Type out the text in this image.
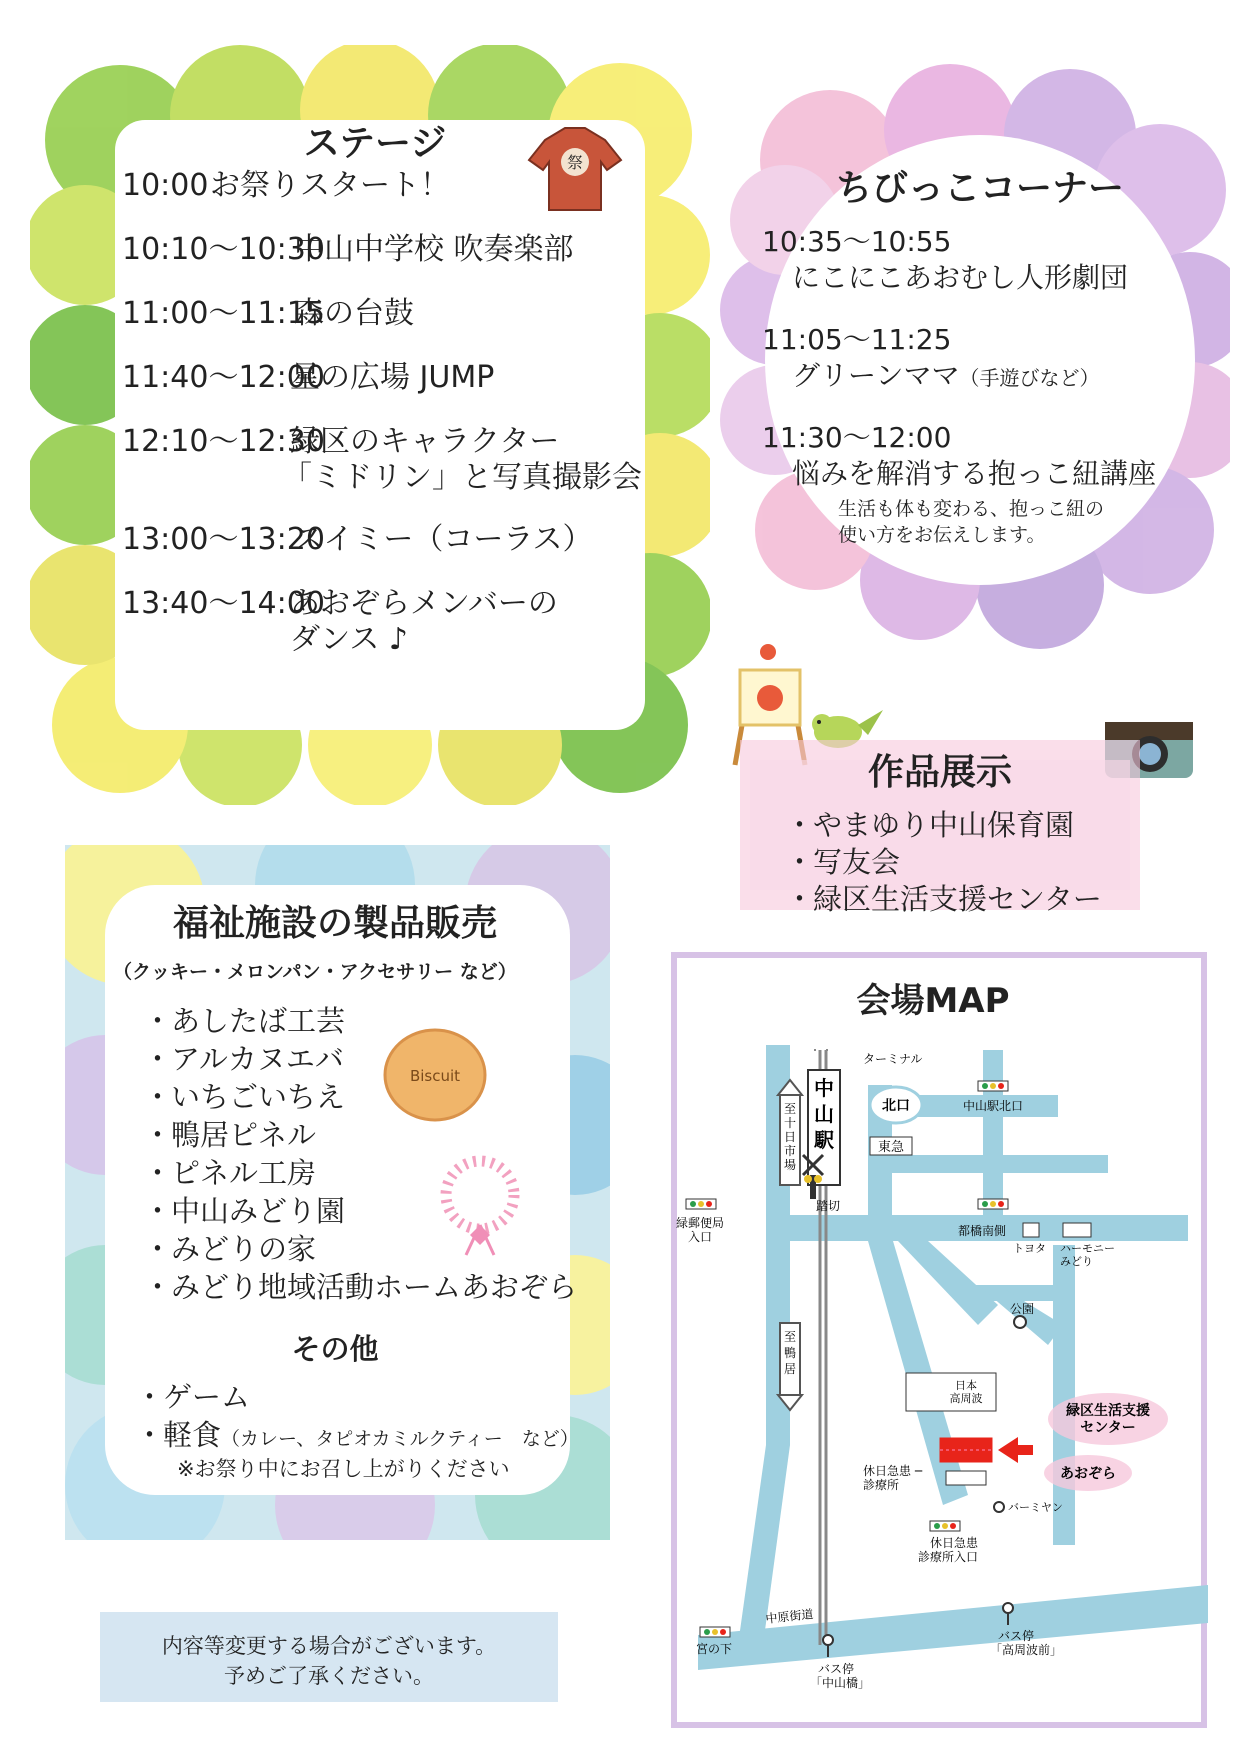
ステージ	祭
10:00 お祭りスタート！
10:10〜10:30
中山中学校 吹奏楽部
11:00〜11:15
森の台鼓
11:40〜12:00
星の広場 JUMP
12:10〜12:30
緑区のキャラクター
「ミドリン」と写真撮影会
13:00〜13:20
スイミー（コーラス）
13:40〜14:00
あおぞらメンバーの
ダンス ♪
ちびっこコーナー
10:35〜10:55
にこにこあおむし人形劇団
11:05〜11:25
グリーンママ（手遊びなど）
11:30〜12:00
悩みを解消する抱っこ紐講座
生活も体も変わる、抱っこ紐の
使い方をお伝えします。
作品展示
・やまゆり中山保育園
・写友会
・緑区生活支援センター
福祉施設の製品販売
（クッキー・メロンパン・アクセサリー など）
・あしたば工芸
・アルカヌエバ
・いちごいちえ
・鴨居ピネル
・ピネル工房
・中山みどり園
・みどりの家
・みどり地域活動ホームあおぞら
Biscuit
その他
・ゲーム
・軽食（カレー、タピオカミルクティー　など）
※お祭り中にお召し上がりください
内容等変更する場合がございます。
予めご了承ください。
中山駅
至十日市場
至鴨居
ターミナル
北口
東急
中山駅北口
緑郵便局入口
踏切
都橋南側
トヨタ ハーモニーみどり
公園
日本高周波
緑区生活支援センター
あおぞら
休日急患 ─診療所
バーミヤン
休日急患診療所入口
中原街道
宮の下
バス停「中山橋」
バス停「高周波前」
会場MAP
